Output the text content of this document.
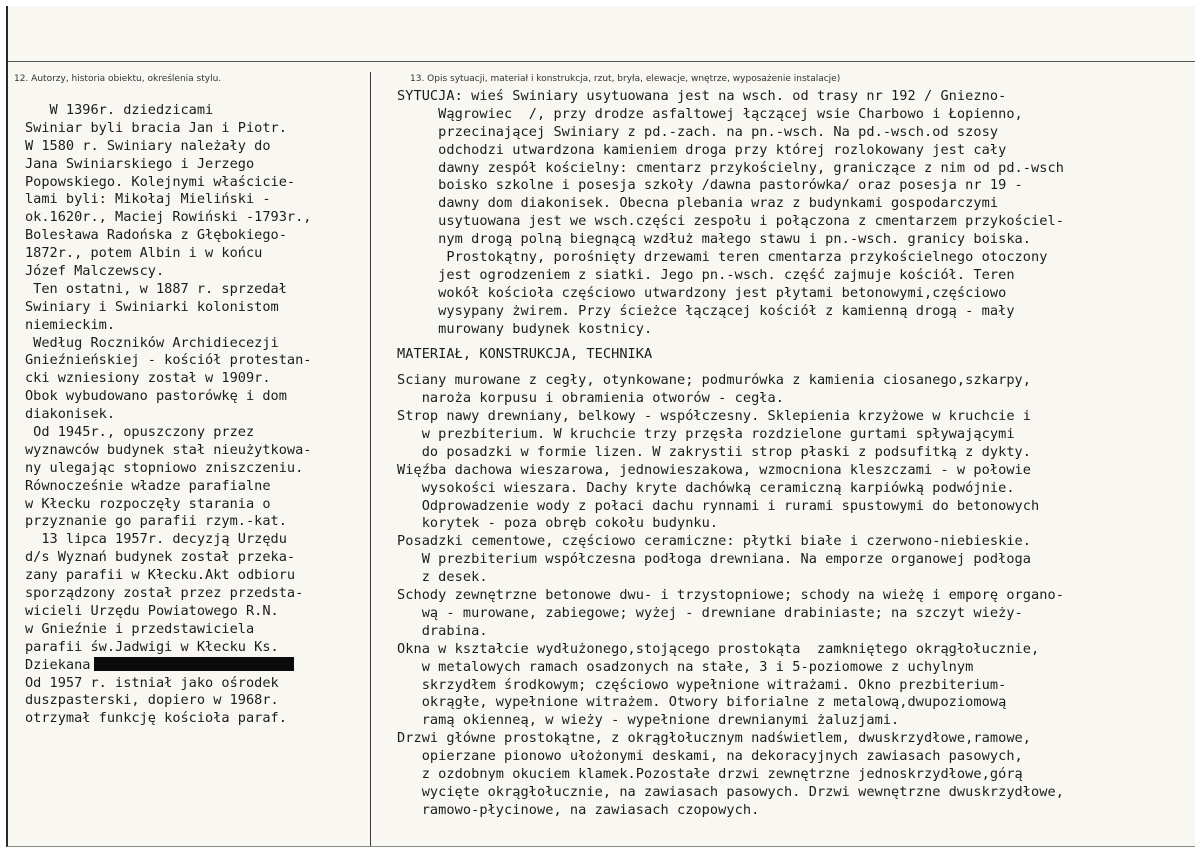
12. Autorzy, historia obiektu, określenia stylu.	13. Opis sytuacji, materiał i konstrukcja, rzut, bryła, elewacje, wnętrze, wyposażenie instalacje)
W 1396r. dziedzicami
Swiniar byli bracia Jan i Piotr.
W 1580 r. Swiniary należały do
Jana Swiniarskiego i Jerzego
Popowskiego. Kolejnymi właścicie-
lami byli: Mikołaj Mieliński -
ok.1620r., Maciej Rowiński -1793r.,
Bolesława Radońska z Głębokiego-
1872r., potem Albin i w końcu
Józef Malczewscy.
Ten ostatni, w 1887 r. sprzedał
Swiniary i Swiniarki kolonistom
niemieckim.
Według Roczników Archidiecezji
Gnieźnieńskiej - kościół protestan-
cki wzniesiony został w 1909r.
Obok wybudowano pastorówkę i dom
diakonisek.
Od 1945r., opuszczony przez
wyznawców budynek stał nieużytkowa-
ny ulegając stopniowo zniszczeniu.
Równocześnie władze parafialne
w Kłecku rozpoczęły starania o
przyznanie go parafii rzym.-kat.
13 lipca 1957r. decyzją Urzędu
d/s Wyznań budynek został przeka-
zany parafii w Kłecku.Akt odbioru
sporządzony został przez przedsta-
wicieli Urzędu Powiatowego R.N.
w Gnieźnie i przedstawiciela
parafii św.Jadwigi w Kłecku Ks.
Dziekana
Od 1957 r. istniał jako ośrodek
duszpasterski, dopiero w 1968r.
otrzymał funkcję kościoła paraf.
SYTUCJA: wieś Swiniary usytuowana jest na wsch. od trasy nr 192 / Gniezno-
Wągrowiec  /, przy drodze asfaltowej łączącej wsie Charbowo i Łopienno,
przecinającej Swiniary z pd.-zach. na pn.-wsch. Na pd.-wsch.od szosy
odchodzi utwardzona kamieniem droga przy której rozlokowany jest cały
dawny zespół kościelny: cmentarz przykościelny, graniczące z nim od pd.-wsch
boisko szkolne i posesja szkoły /dawna pastorówka/ oraz posesja nr 19 -
dawny dom diakonisek. Obecna plebania wraz z budynkami gospodarczymi
usytuowana jest we wsch.części zespołu i połączona z cmentarzem przykościel-
nym drogą polną biegnącą wzdłuż małego stawu i pn.-wsch. granicy boiska.
Prostokątny, porośnięty drzewami teren cmentarza przykościelnego otoczony
jest ogrodzeniem z siatki. Jego pn.-wsch. część zajmuje kościół. Teren
wokół kościoła częściowo utwardzony jest płytami betonowymi,częściowo
wysypany żwirem. Przy ścieżce łączącej kościół z kamienną drogą - mały
murowany budynek kostnicy.
MATERIAŁ, KONSTRUKCJA, TECHNIKA
Sciany murowane z cegły, otynkowane; podmurówka z kamienia ciosanego,szkarpy,
naroża korpusu i obramienia otworów - cegła.
Strop nawy drewniany, belkowy - współczesny. Sklepienia krzyżowe w kruchcie i
w prezbiterium. W kruchcie trzy przęsła rozdzielone gurtami spływającymi
do posadzki w formie lizen. W zakrystii strop płaski z podsufitką z dykty.
Więźba dachowa wieszarowa, jednowieszakowa, wzmocniona kleszczami - w połowie
wysokości wieszara. Dachy kryte dachówką ceramiczną karpiówką podwójnie.
Odprowadzenie wody z połaci dachu rynnami i rurami spustowymi do betonowych
korytek - poza obręb cokołu budynku.
Posadzki cementowe, częściowo ceramiczne: płytki białe i czerwono-niebieskie.
W prezbiterium współczesna podłoga drewniana. Na emporze organowej podłoga
z desek.
Schody zewnętrzne betonowe dwu- i trzystopniowe; schody na wieżę i emporę organo-
wą - murowane, zabiegowe; wyżej - drewniane drabiniaste; na szczyt wieży-
drabina.
Okna w kształcie wydłużonego,stojącego prostokąta  zamkniętego okrągłołucznie,
w metalowych ramach osadzonych na stałe, 3 i 5-poziomowe z uchylnym
skrzydłem środkowym; częściowo wypełnione witrażami. Okno prezbiterium-
okrągłe, wypełnione witrażem. Otwory biforialne z metalową,dwupoziomową
ramą okienneą, w wieży - wypełnione drewnianymi żaluzjami.
Drzwi główne prostokątne, z okrągłołucznym nadświetlem, dwuskrzydłowe,ramowe,
opierzane pionowo ułożonymi deskami, na dekoracyjnych zawiasach pasowych,
z ozdobnym okuciem klamek.Pozostałe drzwi zewnętrzne jednoskrzydłowe,górą
wycięte okrągłołucznie, na zawiasach pasowych. Drzwi wewnętrzne dwuskrzydłowe,
ramowo-płycinowe, na zawiasach czopowych.
